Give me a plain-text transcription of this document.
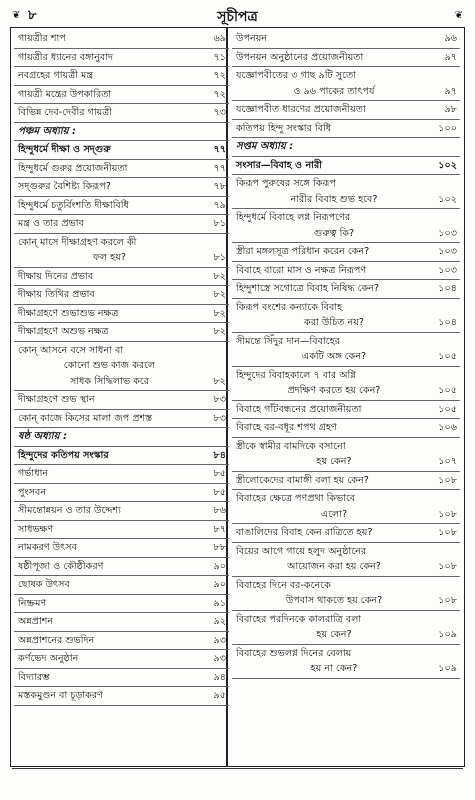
❦ ৮	সূচীপত্র	❦
গায়ত্রীর শাপ	৬৯
গায়ত্রীর ধ্যানের বঙ্গানুবাদ	৭১
নবগ্রহের গায়ত্রী মন্ত্র	৭২
গায়ত্রী মন্ত্রের উপকারিতা	৭২
বিভিন্ন দেব-দেবীর গায়ত্রী	৭৩
পঞ্চম অধ্যায় :
হিন্দুধর্মে দীক্ষা ও সদ্গুরু	৭৭
হিন্দুধর্মে গুরুর প্রয়োজনীয়তা	৭৭
সদ্গুরুর বৈশিষ্ট্য কিরূপ?	৭৮
হিন্দুধর্মে চতুর্বিংশতি দীক্ষাবিধি	৭৯
মন্ত্র ও তার প্রভাব	৮১
কোন্ মাসে দীক্ষাগ্রহণ করলে কী
ফল হয়?	৮১
দীক্ষায় দিনের প্রভাব	৮২
দীক্ষায় তিথির প্রভাব	৮২
দীক্ষাগ্রহণে শুভাশুভ নক্ষত্র	৮২
দীক্ষাগ্রহণে অশুভ নক্ষত্র	৮২
কোন্ আসনে বসে সাধনা বা
কোনো শুভ কাজ করলে
সাধক সিদ্ধিলাভ করে	৮২
দীক্ষাগ্রহণে শুভ স্থান	৮৩
কোন্ কাজে কিসের মালা জপ প্রশস্ত	৮৩
ষষ্ঠ অধ্যায় :
হিন্দুদের কতিপয় সংস্কার	৮৪
গর্ভাধান	৮৫
পুংসবন	৮৫
সীমন্তোন্নয়ন ও তার উদ্দেশ্য	৮৬
সাধভক্ষণ	৮৭
নামকরণ উৎসব	৮৮
ষষ্ঠীপূজা ও কৌষ্ঠীকরণ	৯০
ছোষক উৎসব	৯০
নিষ্ক্রমণ	৯১
অন্নপ্রাশন	৯২
অন্নপ্রাশনের শুভদিন	৯৩
কর্ণভেদ অনুষ্ঠান	৯৩
বিদ্যারম্ভ	৯৪
মস্তকমুণ্ডন বা চূড়াকরণ	৯৫
উপনয়ন	৯৬
উপনয়ন অনুষ্ঠানের প্রয়োজনীয়তা	৯৭
যজ্ঞোপবীতের ৩ গাছ ৯টি সুতো
ও ৯৬ পাকের তাৎপর্য	৯৭
যজ্ঞোপবীত ধারণের প্রয়োজনীয়তা	৯৮
কতিপয় হিন্দু সংস্কার বিধি	১০০
সপ্তম অধ্যায় :
সংসার—বিবাহ ও নারী	১০২
কিরূপ পুরুষের সঙ্গে কিরূপ
নারীর বিবাহ শুভ হবে?	১০২
হিন্দুধর্মে বিবাহে লগ্ন নিরূপণের
গুরুত্ব কি?	১০৩
স্ত্রীরা মঙ্গলসূত্র পরিধান করেন কেন?	১০৩
বিবাহে বারো মাস ও নক্ষত্র নিরূপণ	১০৩
হিন্দুশাস্ত্রে সগোত্রে বিবাহ নিষিদ্ধ কেন?	১০৪
কিরূপ বংশের কন্যাকে বিবাহ
করা উচিত নয়?	১০৪
সীমন্তে সিঁদুর দান—বিবাহের
একটি অঙ্গ কেন?	১০৫
হিন্দুদের বিবাহকালে ৭ বার অগ্নি
প্রদক্ষিণ করতে হয় কেন?	১০৫
বিবাহে গাঁটবন্ধনের প্রয়োজনীয়তা	১০৫
বিবাহে বর-বধূর শপথ গ্রহণ	১০৬
স্ত্রীকে স্বামীর বামদিকে বসানো
হয় কেন?	১০৭
স্ত্রীলোকেদের বামাঙ্গী বলা হয় কেন?	১০৮
বিবাহের ক্ষেত্রে পণপ্রথা কিভাবে
এলো?	১০৮
বাঙালিদের বিবাহ কেন রাত্রিতে হয়?	১০৮
বিয়ের আগে গায়ে হলুদ অনুষ্ঠানের
আয়োজন করা হয় কেন?	১০৮
বিবাহের দিনে বর-কনেকে
উপবাস থাকতে হয় কেন?	১০৮
বিবাহের পরদিনকে কালরাত্রি বলা
হয় কেন?	১০৯
বিবাহের শুভলগ্ন দিনের বেলায়
হয় না কেন?	১০৯
